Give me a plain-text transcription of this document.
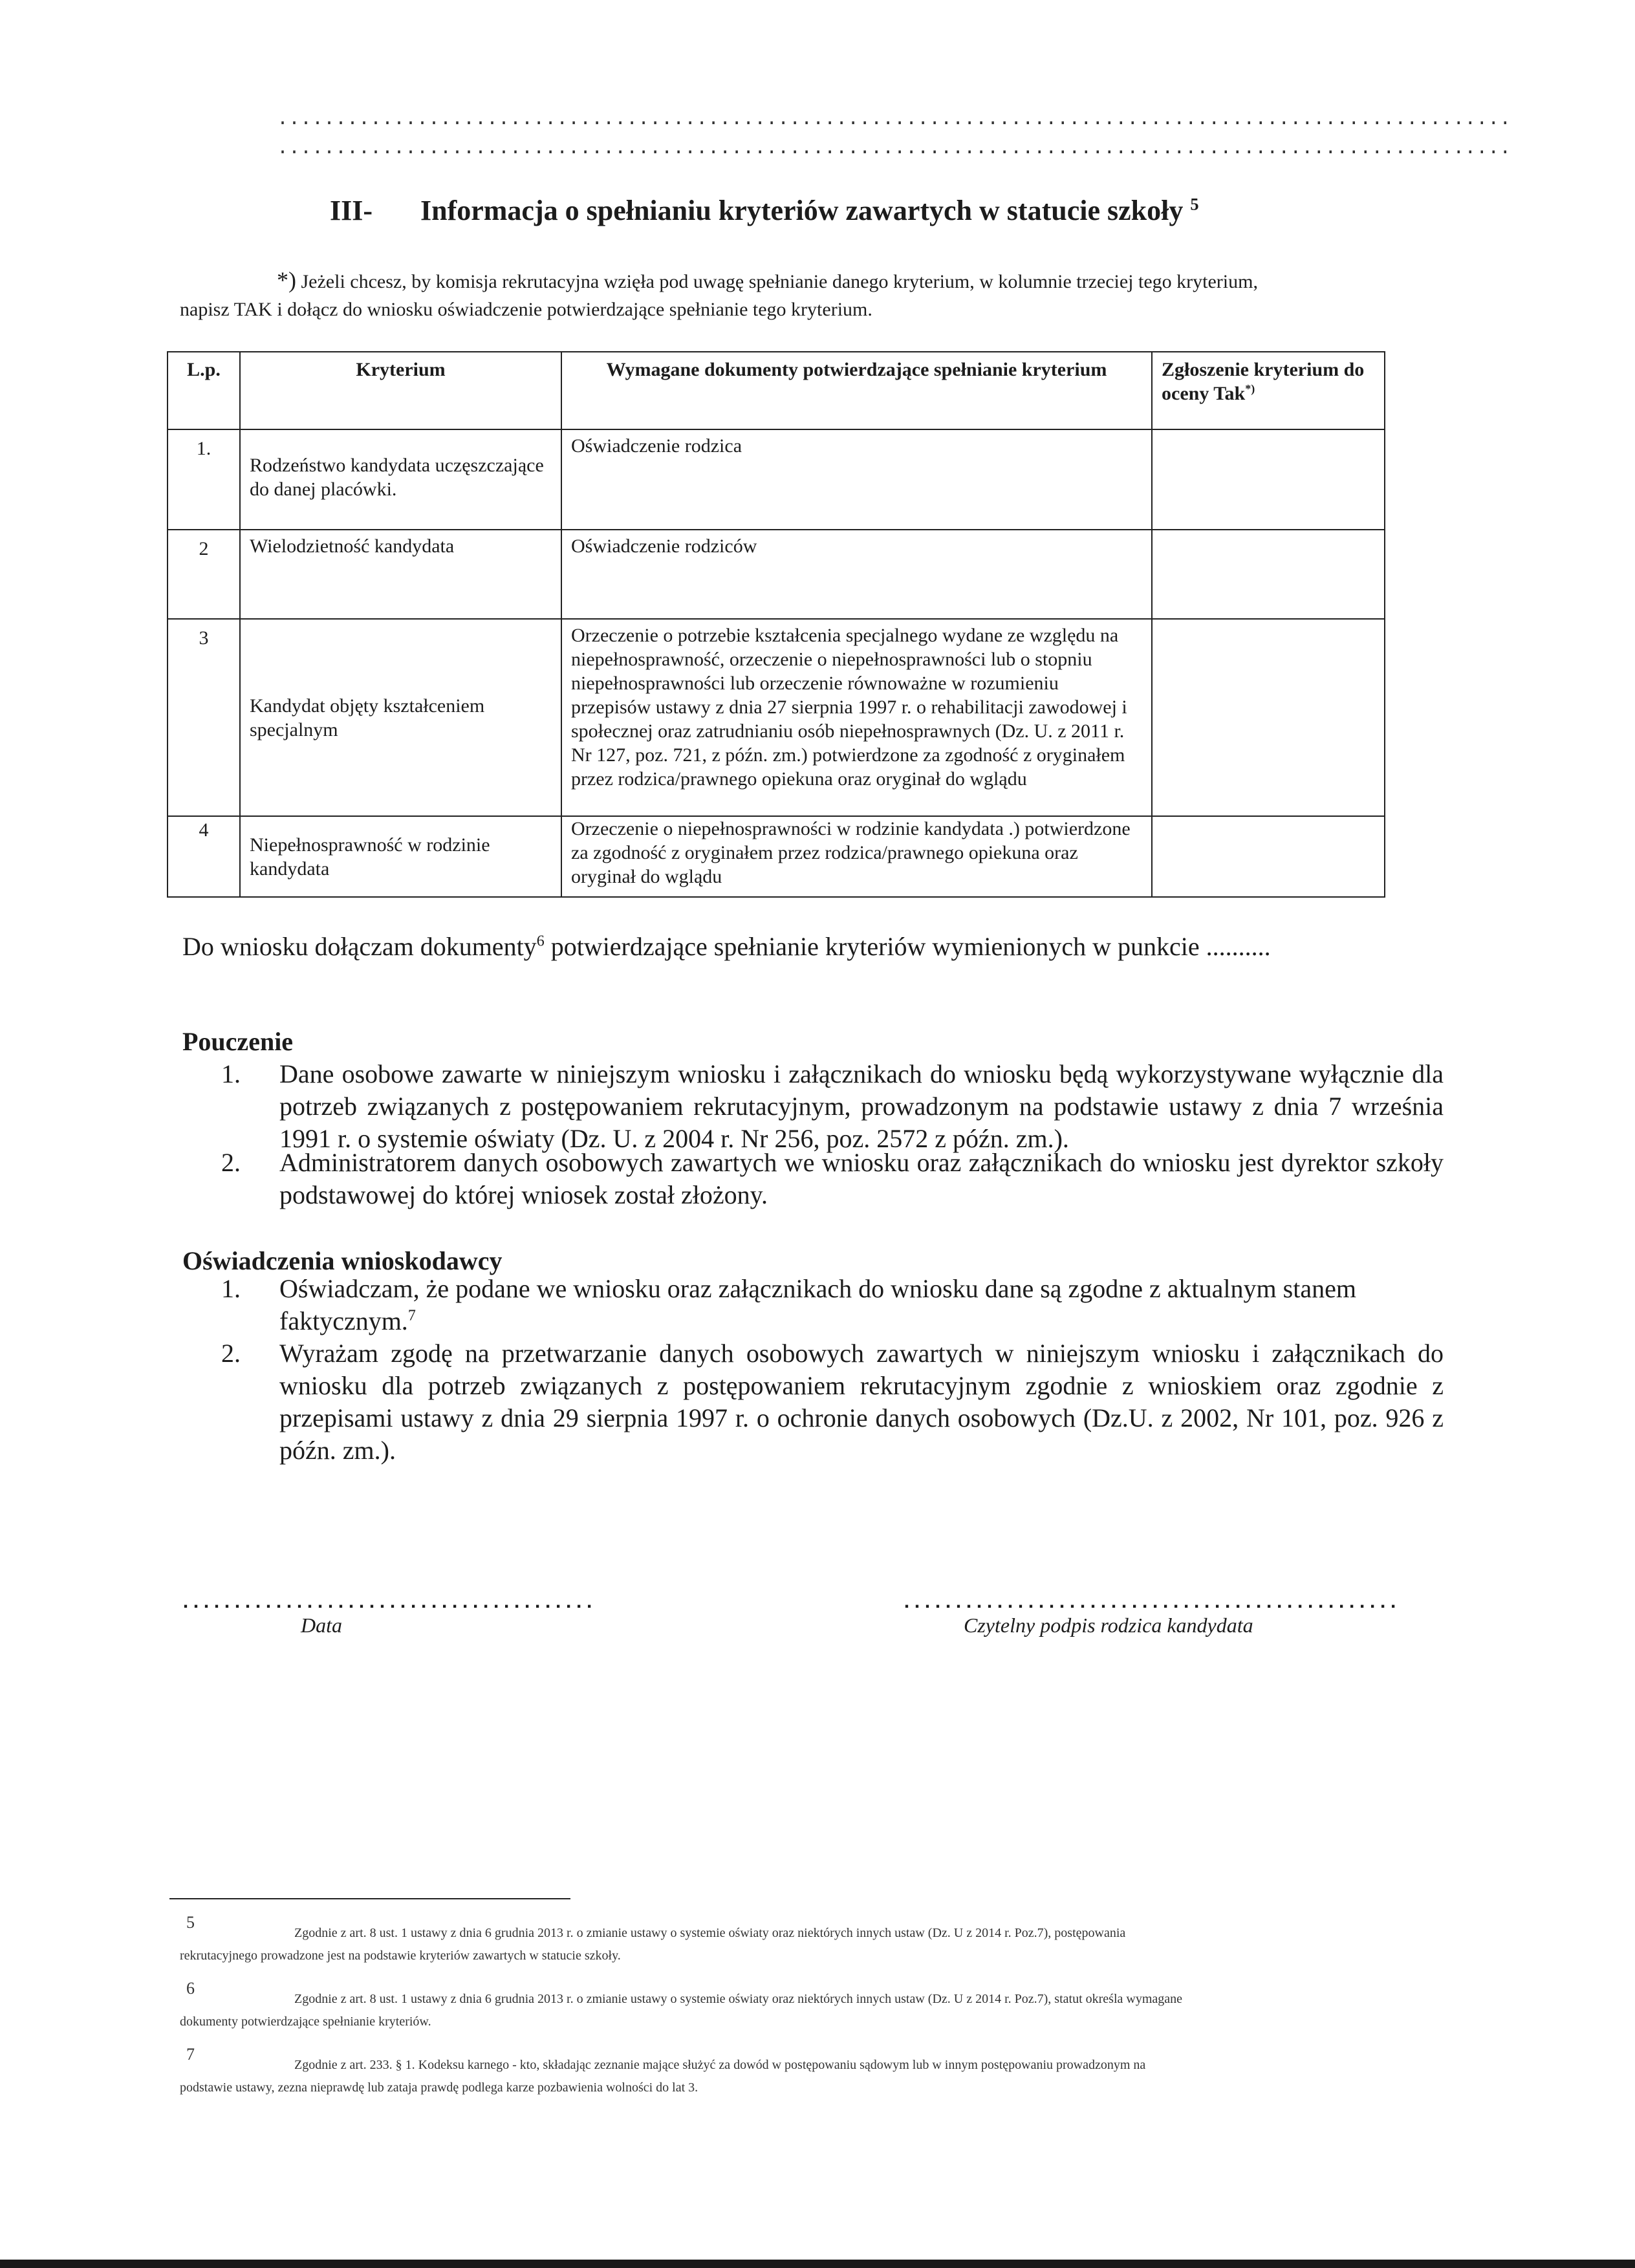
..........................................................................................................
..........................................................................................................
III- Informacja o spełnianiu kryteriów zawartych w statucie szkoły $^5$
*) Jeżeli chcesz, by komisja rekrutacyjna wzięła pod uwagę spełnianie danego kryterium, w kolumnie trzeciej tego kryterium,
napisz TAK i dołącz do wniosku oświadczenie potwierdzające spełnianie tego kryterium.
L.p.	Kryterium	Wymagane dokumenty potwierdzające spełnianie kryterium	Zgłoszenie kryterium do oceny Tak*)
1.	Rodzeństwo kandydata uczęszczające do danej placówki.	Oświadczenie rodzica	
2	Wielodzietność kandydata	Oświadczenie rodziców	
3	Kandydat objęty kształceniem specjalnym	Orzeczenie o potrzebie kształcenia specjalnego wydane ze względu na niepełnosprawność, orzeczenie o niepełnosprawności lub o stopniu niepełnosprawności lub orzeczenie równoważne w rozumieniu przepisów ustawy z dnia 27 sierpnia 1997 r. o rehabilitacji zawodowej i społecznej oraz zatrudnianiu osób niepełnosprawnych (Dz. U. z 2011 r. Nr 127, poz. 721, z późn. zm.) potwierdzone za zgodność z oryginałem przez rodzica/prawnego opiekuna oraz oryginał do wglądu	
4	Niepełnosprawność w rodzinie kandydata	Orzeczenie o niepełnosprawności w rodzinie kandydata .) potwierdzone za zgodność z oryginałem przez rodzica/prawnego opiekuna oraz oryginał do wglądu	
Do wniosku dołączam dokumenty$^6$ potwierdzające spełnianie kryteriów wymienionych w punkcie ..........
Pouczenie
1. Dane osobowe zawarte w niniejszym wniosku i załącznikach do wniosku będą wykorzystywane wyłącznie dla potrzeb związanych z postępowaniem rekrutacyjnym, prowadzonym na podstawie ustawy z dnia 7 września 1991 r. o systemie oświaty (Dz. U. z 2004 r. Nr 256, poz. 2572 z późn. zm.).
2. Administratorem danych osobowych zawartych we wniosku oraz załącznikach do wniosku jest dyrektor szkoły podstawowej do której wniosek został złożony.
Oświadczenia wnioskodawcy
1. Oświadczam, że podane we wniosku oraz załącznikach do wniosku dane są zgodne z aktualnym stanem faktycznym.$^7$
2. Wyrażam zgodę na przetwarzanie danych osobowych zawartych w niniejszym wniosku i załącznikach do wniosku dla potrzeb związanych z postępowaniem rekrutacyjnym zgodnie z wnioskiem oraz zgodnie z przepisami ustawy z dnia 29 sierpnia 1997 r. o ochronie danych osobowych (Dz.U. z 2002, Nr 101, poz. 926 z późn. zm.).
........................................
Data
................................................
Czytelny podpis rodzica kandydata
5
Zgodnie z art. 8 ust. 1 ustawy z dnia 6 grudnia 2013 r. o zmianie ustawy o systemie oświaty oraz niektórych innych ustaw (Dz. U z 2014 r. Poz.7), postępowania
rekrutacyjnego prowadzone jest na podstawie kryteriów zawartych w statucie szkoły.
6
Zgodnie z art. 8 ust. 1 ustawy z dnia 6 grudnia 2013 r. o zmianie ustawy o systemie oświaty oraz niektórych innych ustaw (Dz. U z 2014 r. Poz.7), statut określa wymagane
dokumenty potwierdzające spełnianie kryteriów.
7
Zgodnie z art. 233. § 1. Kodeksu karnego - kto, składając zeznanie mające służyć za dowód w postępowaniu sądowym lub w innym postępowaniu prowadzonym na
podstawie ustawy, zezna nieprawdę lub zataja prawdę podlega karze pozbawienia wolności do lat 3.
